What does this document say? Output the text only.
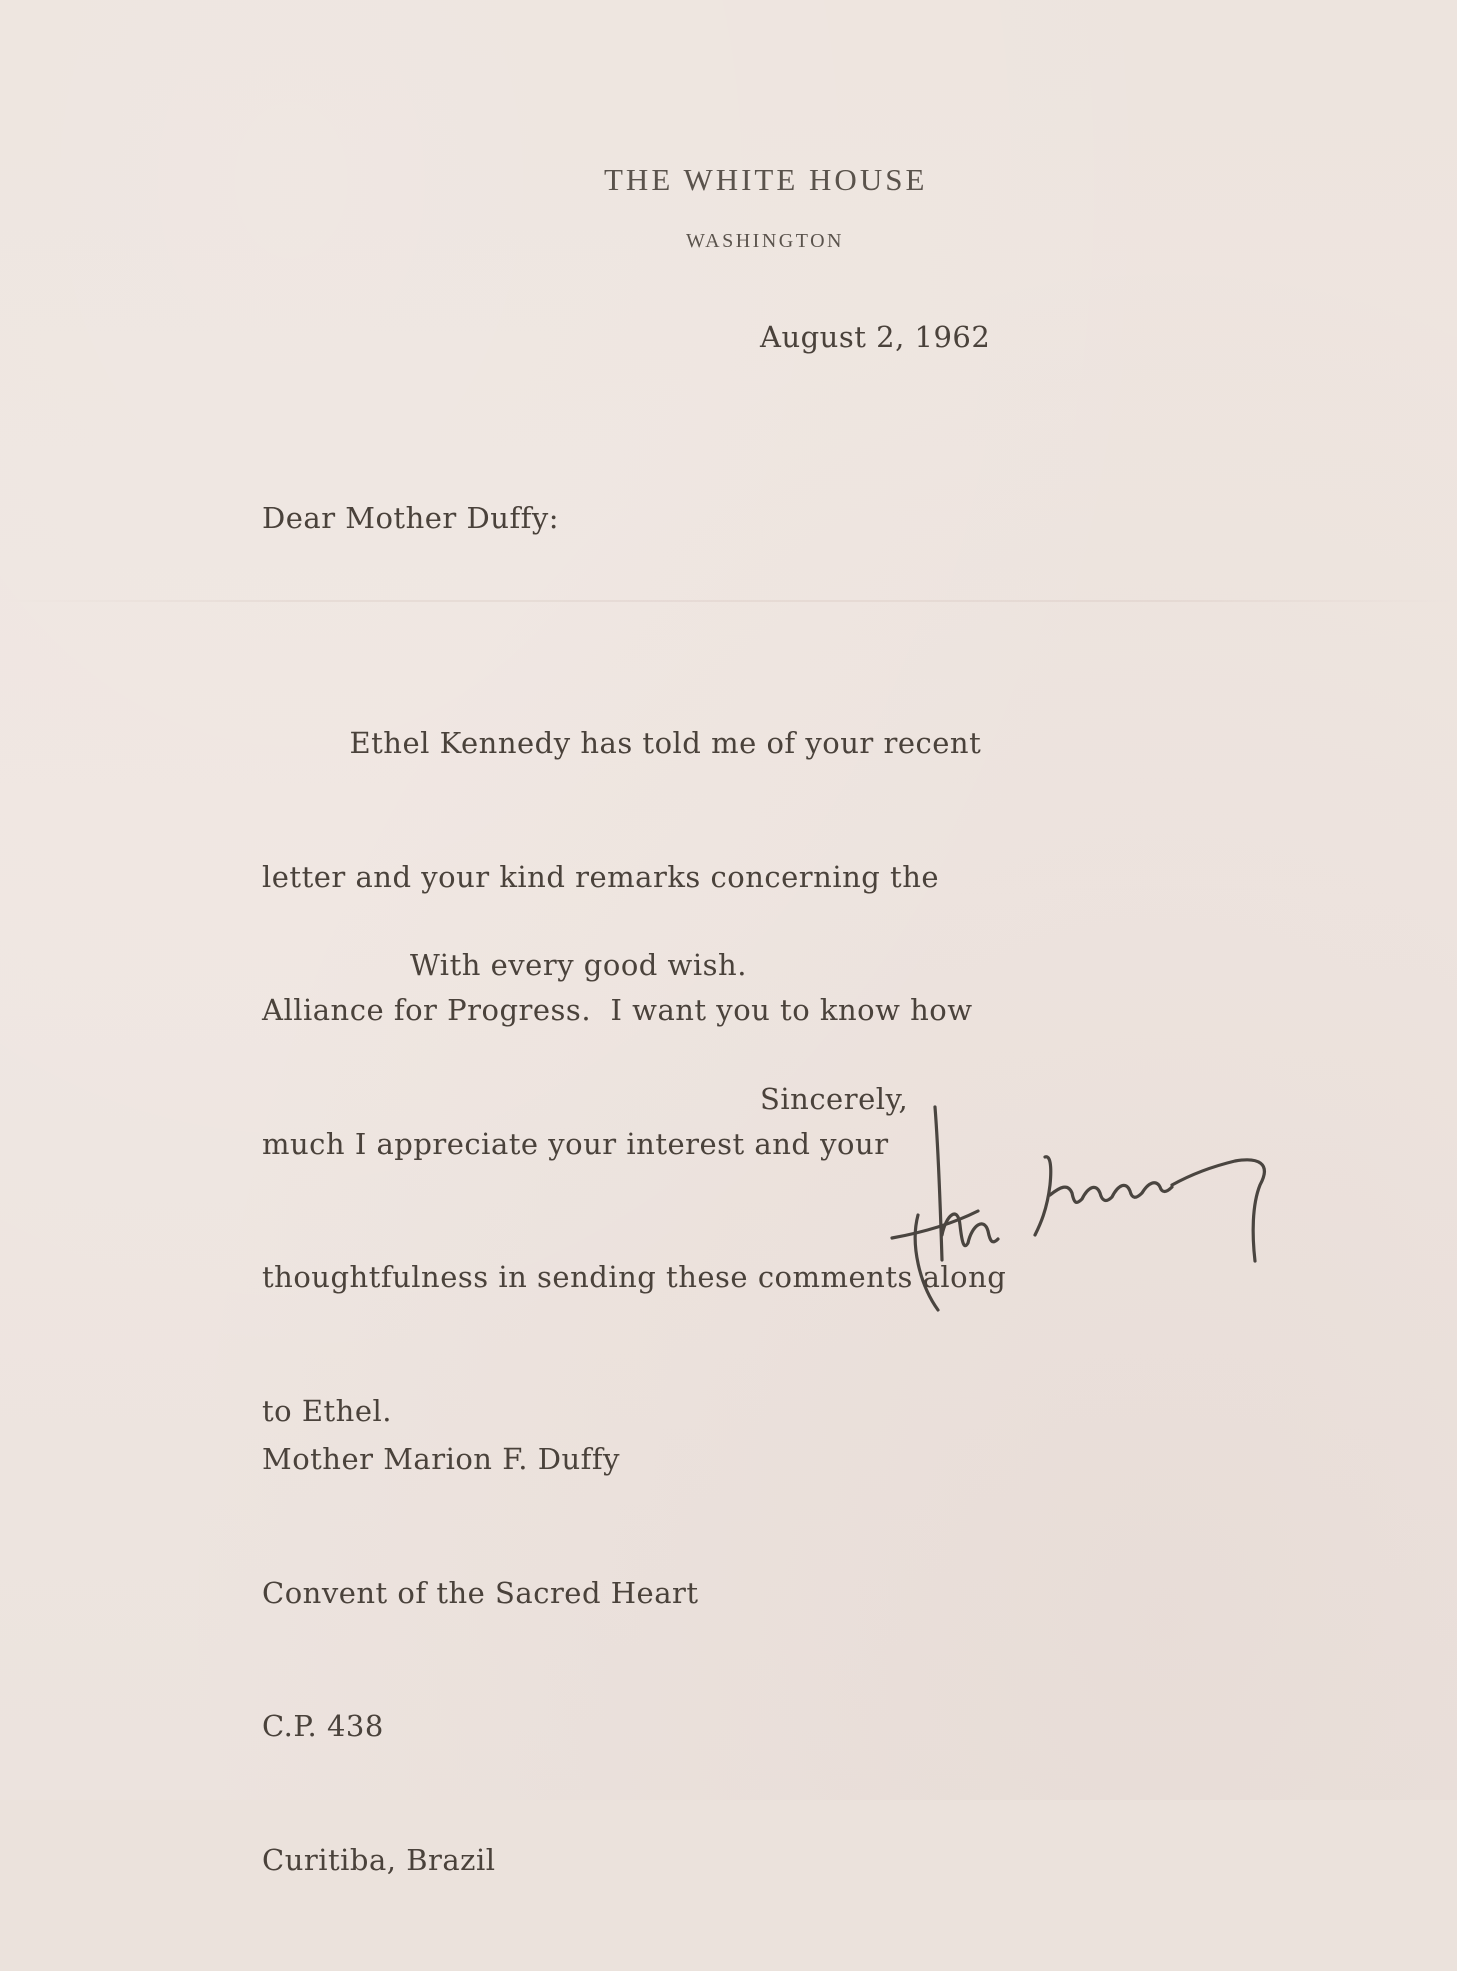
THE WHITE HOUSE
WASHINGTON
August 2, 1962
Dear Mother Duffy:

Ethel Kennedy has told me of your recent

letter and your kind remarks concerning the

Alliance for Progress.  I want you to know how

much I appreciate your interest and your

thoughtfulness in sending these comments along

to Ethel.

With every good wish.
Sincerely,

Mother Marion F. Duffy

Convent of the Sacred Heart

C.P. 438

Curitiba, Brazil
